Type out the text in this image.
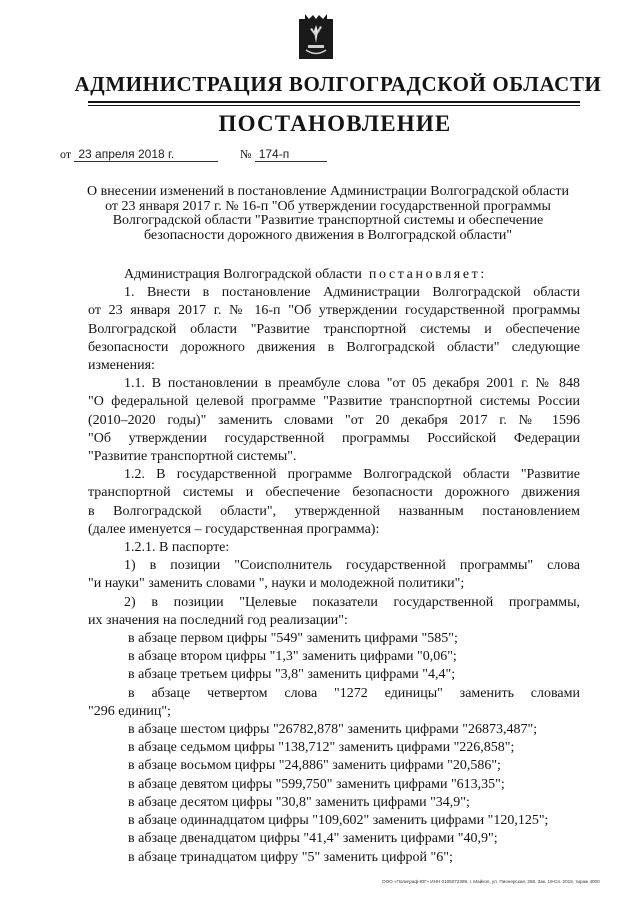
АДМИНИСТРАЦИЯ ВОЛГОГРАДСКОЙ ОБЛАСТИ
ПОСТАНОВЛЕНИЕ
от 23 апреля 2018 г.	№ 174-п
О внесении изменений в постановление Администрации Волгоградской области
от 23 января 2017 г. № 16-п "Об утверждении государственной программы
Волгоградской области "Развитие транспортной системы и обеспечение
безопасности дорожного движения в Волгоградской области"
Администрация Волгоградской области постановляет:
1. Внести в постановление Администрации Волгоградской области
от 23 января 2017 г. № 16-п "Об утверждении государственной программы
Волгоградской области "Развитие транспортной системы и обеспечение
безопасности дорожного движения в Волгоградской области" следующие
изменения:
1.1. В постановлении в преамбуле слова "от 05 декабря 2001 г. № 848
"О федеральной целевой программе "Развитие транспортной системы России
(2010–2020 годы)" заменить словами "от 20 декабря 2017 г. № 1596
"Об утверждении государственной программы Российской Федерации
"Развитие транспортной системы".
1.2. В государственной программе Волгоградской области "Развитие
транспортной системы и обеспечение безопасности дорожного движения
в Волгоградской области", утвержденной названным постановлением
(далее именуется – государственная программа):
1.2.1. В паспорте:
1) в позиции "Соисполнитель государственной программы" слова
"и науки" заменить словами ", науки и молодежной политики";
2) в позиции "Целевые показатели государственной программы,
их значения на последний год реализации":
в абзаце первом цифры "549" заменить цифрами "585";
в абзаце втором цифры "1,3" заменить цифрами "0,06";
в абзаце третьем цифры "3,8" заменить цифрами "4,4";
в абзаце четвертом слова "1272 единицы" заменить словами
"296 единиц";
в абзаце шестом цифры "26782,878" заменить цифрами "26873,487";
в абзаце седьмом цифры "138,712" заменить цифрами "226,858";
в абзаце восьмом цифры "24,886" заменить цифрами "20,586";
в абзаце девятом цифры "599,750" заменить цифрами "613,35";
в абзаце десятом цифры "30,8" заменить цифрами "34,9";
в абзаце одиннадцатом цифры "109,602" заменить цифрами "120,125";
в абзаце двенадцатом цифры "41,4" заменить цифрами "40,9";
в абзаце тринадцатом цифру "5" заменить цифрой "6";
ООО «Полиграф-ЮГ» ИНН 0105072389, г. Майкоп, ул. Пионерская, 268. Зак. 19-Сп. 2015, тираж 4000
